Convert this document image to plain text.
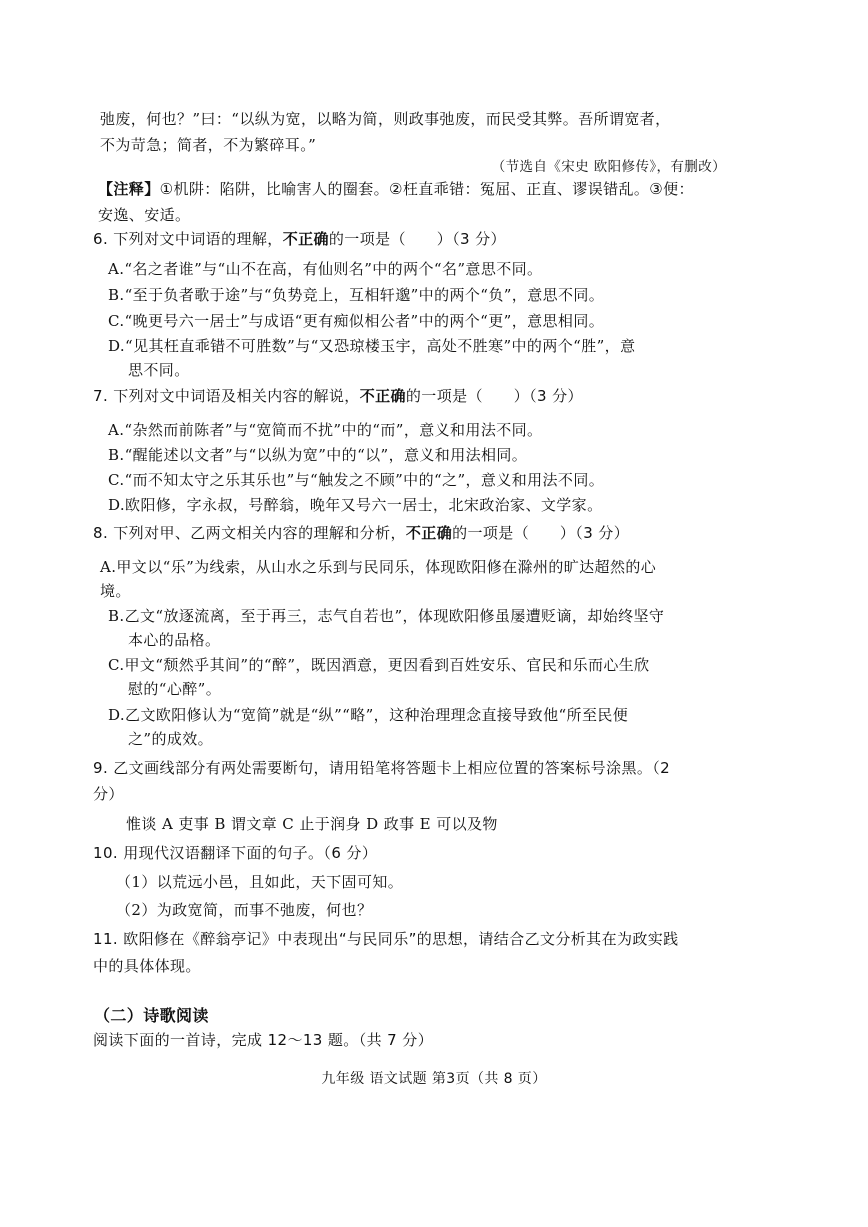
弛废，何也？”曰：“以纵为宽，以略为简，则政事弛废，而民受其弊。吾所谓宽者，
不为苛急；简者，不为繁碎耳。”
（节选自《宋史 欧阳修传》，有删改）
【注释】①机阱：陷阱，比喻害人的圈套。②枉直乖错：冤屈、正直、谬误错乱。③便：
安逸、安适。
6. 下列对文中词语的理解，不正确的一项是（　　）（3 分）
A.“名之者谁”与“山不在高，有仙则名”中的两个“名”意思不同。
B.“至于负者歌于途”与“负势竞上，互相轩邈”中的两个“负”，意思不同。
C.“晚更号六一居士”与成语“更有痴似相公者”中的两个“更”，意思相同。
D.“见其枉直乖错不可胜数”与“又恐琼楼玉宇，高处不胜寒”中的两个“胜”，意
思不同。
7. 下列对文中词语及相关内容的解说，不正确的一项是（　　）（3 分）
A.“杂然而前陈者”与“宽简而不扰”中的“而”，意义和用法不同。
B.“醒能述以文者”与“以纵为宽”中的“以”，意义和用法相同。
C.“而不知太守之乐其乐也”与“触发之不顾”中的“之”，意义和用法不同。
D.欧阳修，字永叔，号醉翁，晚年又号六一居士，北宋政治家、文学家。
8. 下列对甲、乙两文相关内容的理解和分析，不正确的一项是（　　）（3 分）
A.甲文以“乐”为线索，从山水之乐到与民同乐，体现欧阳修在滁州的旷达超然的心
境。
B.乙文“放逐流离，至于再三，志气自若也”，体现欧阳修虽屡遭贬谪，却始终坚守
本心的品格。
C.甲文“颓然乎其间”的“醉”，既因酒意，更因看到百姓安乐、官民和乐而心生欣
慰的“心醉”。
D.乙文欧阳修认为“宽简”就是“纵”“略”，这种治理理念直接导致他“所至民便
之”的成效。
9. 乙文画线部分有两处需要断句，请用铅笔将答题卡上相应位置的答案标号涂黑。（2
分）
惟谈 A 吏事 B 谓文章 C 止于润身 D 政事 E 可以及物
10. 用现代汉语翻译下面的句子。（6 分）
（1）以荒远小邑，且如此，天下固可知。
（2）为政宽简，而事不弛废，何也？
11. 欧阳修在《醉翁亭记》中表现出“与民同乐”的思想，请结合乙文分析其在为政实践
中的具体体现。
（二）诗歌阅读
阅读下面的一首诗，完成 12～13 题。（共 7 分）
九年级 语文试题 第3页（共 8 页）
